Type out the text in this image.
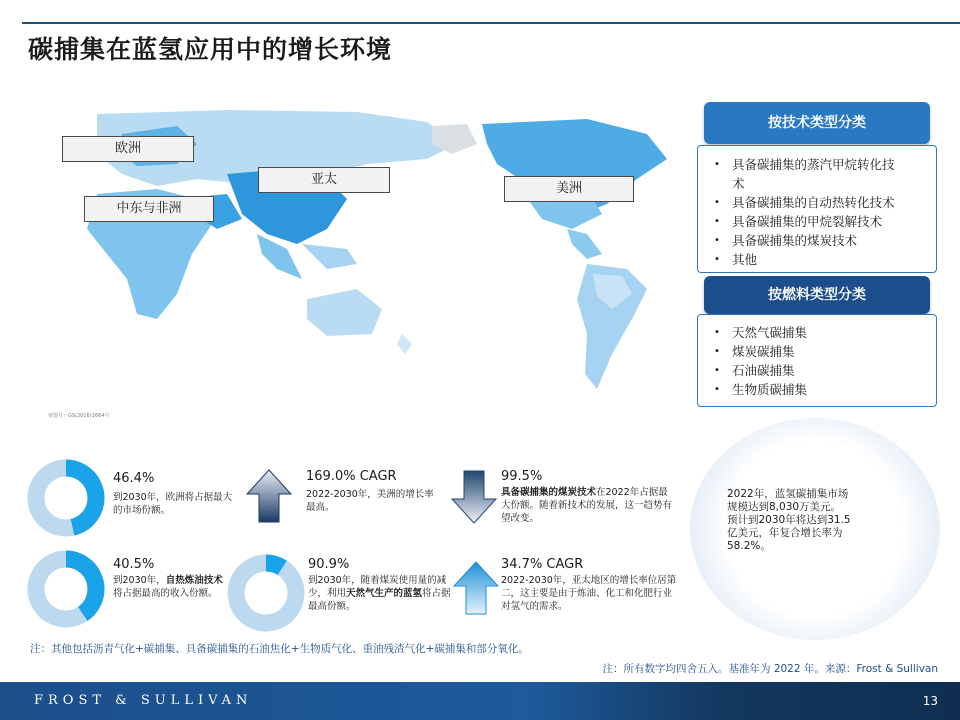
碳捕集在蓝氢应用中的增长环境
欧洲
亚太
美洲
中东与非洲
审图号：GS(2016)1664号
按技术类型分类
• 具备碳捕集的蒸汽甲烷转化技术
• 具备碳捕集的自动热转化技术
• 具备碳捕集的甲烷裂解技术
• 具备碳捕集的煤炭技术
• 其他
按燃料类型分类
• 天然气碳捕集
• 煤炭碳捕集
• 石油碳捕集
• 生物质碳捕集
46.4%
到2030年，欧洲将占据最大的市场份额。
169.0% CAGR
2022-2030年，美洲的增长率最高。
99.5%
具备碳捕集的煤炭技术在2022年占据最大份额。随着新技术的发展，这一趋势有望改变。
40.5%
到2030年，自热炼油技术将占据最高的收入份额。
90.9%
到2030年，随着煤炭使用量的减少，利用天然气生产的蓝氢将占据最高份额。
34.7% CAGR
2022-2030年，亚太地区的增长率位居第二，这主要是由于炼油、化工和化肥行业对氢气的需求。
2022年，蓝氢碳捕集市场规模达到8,030万美元。预计到2030年将达到31.5亿美元，年复合增长率为58.2%。
注：其他包括沥青气化+碳捕集、具备碳捕集的石油焦化+生物质气化、重油残渣气化+碳捕集和部分氧化。
注：所有数字均四舍五入。基准年为 2022 年。来源：Frost & Sullivan
FROST & SULLIVAN	13
